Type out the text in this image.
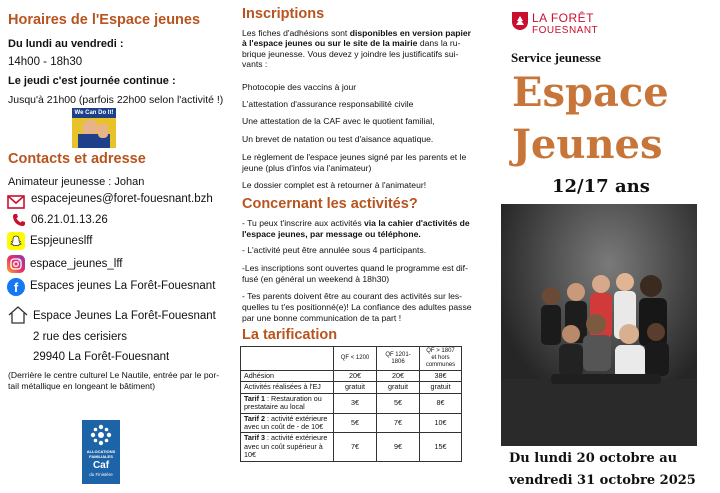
Horaires de l'Espace jeunes
Du lundi au vendredi :
14h00 - 18h30
Le jeudi c'est journée continue :
Jusqu'à 21h00 (parfois 22h00 selon l'activité !)
We Can Do It!
Contacts et adresse
Animateur jeunesse : Johan
espacejeunes@foret-fouesnant.bzh
06.21.01.13.26
Espjeuneslff
espace_jeunes_lff
f	Espaces jeunes La Forêt-Fouesnant
Espace Jeunes La Forêt-Fouesnant
2 rue des cerisiers
29940 La Forêt-Fouesnant
(Derrière le centre culturel Le Nautile, entrée par le por-
tail métallique en longeant le bâtiment)
ALLOCATIONS
FAMILIALES
Caf
du Finistère
Inscriptions
Les fiches d'adhésions sont disponibles en version papier
à l'espace jeunes ou sur le site de la mairie dans la ru-
brique jeunesse. Vous devez y joindre les justificatifs sui-
vants :
Photocopie des vaccins à jour
L'attestation d'assurance responsabilité civile
Une attestation de la CAF avec le quotient familial,
Un brevet de natation ou test d'aisance aquatique.
Le règlement de l'espace jeunes signé par les parents et le
jeune (plus d'infos via l'animateur)
Le dossier complet est à retourner à l'animateur!
Concernant les activités?
- Tu peux t'inscrire aux activités via la cahier d'activités de
l'espace jeunes, par message ou téléphone.
- L'activité peut être annulée sous 4 participants.
-Les inscriptions sont ouvertes quand le programme est dif-
fusé (en général un weekend à 18h30)
- Tes parents doivent être au courant des activités sur les-
quelles tu t'es positionné(e)! La confiance des adultes passe
par une bonne communication de ta part !
La tarification
	QF < 1200	QF 1201-1806	QF > 1807 et hors communes
Adhésion	20€	20€	38€
Activités réalisées à l'EJ	gratuit	gratuit	gratuit
Tarif 1 : Restauration ou prestataire au local	3€	5€	8€
Tarif 2 : activité extérieure avec un coût de - de 10€	5€	7€	10€
Tarif 3 : activité extérieure avec un coût supérieur à 10€	7€	9€	15€
LA FORÊT
FOUESNANT
Service jeunesse
Espace
Jeunes
12/17 ans
Du lundi 20 octobre au
vendredi 31 octobre 2025
